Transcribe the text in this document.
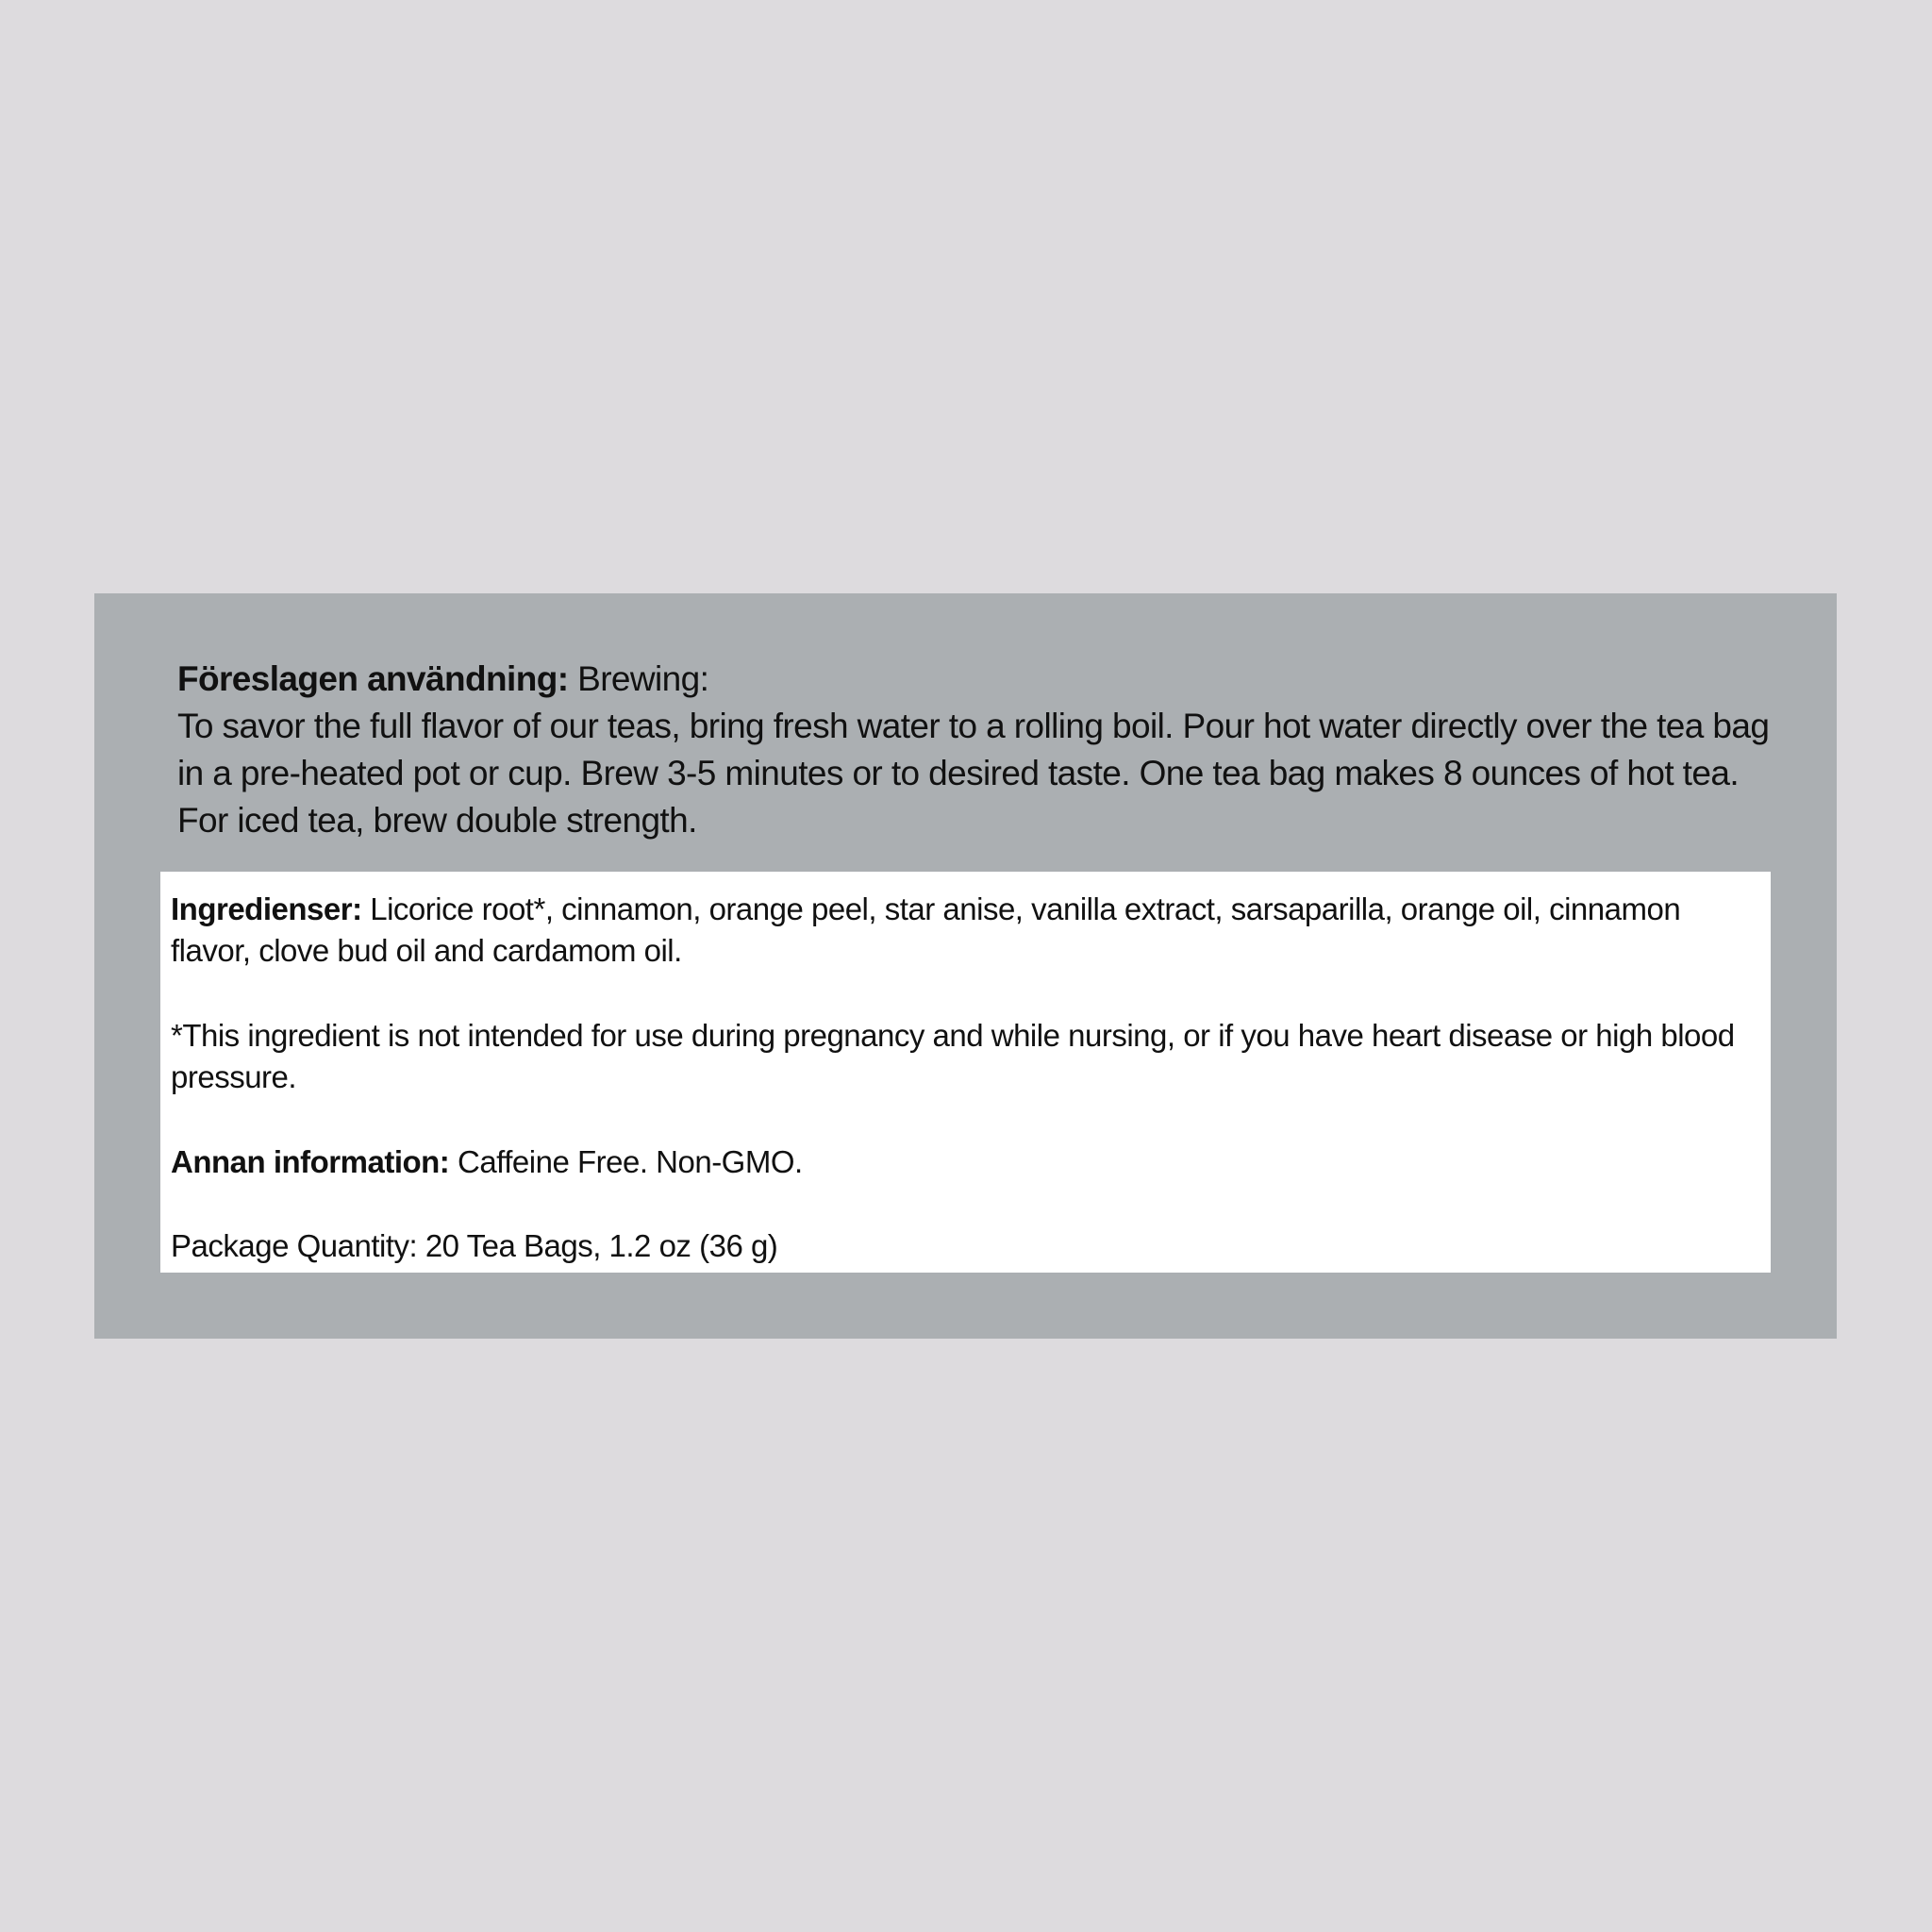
Föreslagen användning: Brewing:
To savor the full flavor of our teas, bring fresh water to a rolling boil. Pour hot water directly over the tea bag in a pre-heated pot or cup. Brew 3-5 minutes or to desired taste. One tea bag makes 8 ounces of hot tea. For iced tea, brew double strength.
Ingredienser: Licorice root*, cinnamon, orange peel, star anise, vanilla extract, sarsaparilla, orange oil, cinnamon flavor, clove bud oil and cardamom oil.
*This ingredient is not intended for use during pregnancy and while nursing, or if you have heart disease or high blood pressure.
Annan information: Caffeine Free. Non-GMO.
Package Quantity: 20 Tea Bags, 1.2 oz (36 g)
